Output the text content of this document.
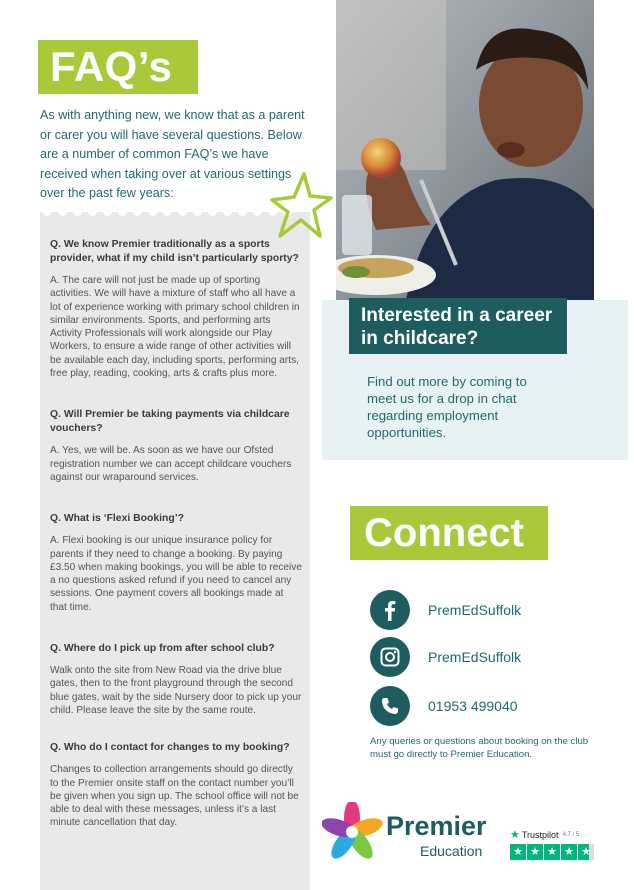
FAQ’s

As with anything new, we know that as a parent or carer you will have several questions. Below are a number of common FAQ’s we have received when taking over at various settings over the past few years:

Q. We know Premier traditionally as a sports provider, what if my child isn’t particularly sporty?

A. The care will not just be made up of sporting activities. We will have a mixture of staff who all have a lot of experience working with primary school children in similar environments. Sports, and performing arts Activity Professionals will work alongside our Play Workers, to ensure a wide range of other activities will be available each day, including sports, performing arts, free play, reading, cooking, arts & crafts plus more.

Q. Will Premier be taking payments via childcare vouchers?

A. Yes, we will be. As soon as we have our Ofsted registration number we can accept childcare vouchers against our wraparound services.

Q. What is ‘Flexi Booking’?

A. Flexi booking is our unique insurance policy for parents if they need to change a booking. By paying £3.50 when making bookings, you will be able to receive a no questions asked refund if you need to cancel any sessions. One payment covers all bookings made at that time.

Q. Where do I pick up from after school club?

Walk onto the site from New Road via the drive blue gates, then to the front playground through the second blue gates, wait by the side Nursery door to pick up your child. Please leave the site by the same route.

Q. Who do I contact for changes to my booking?

Changes to collection arrangements should go directly to the Premier onsite staff on the contact number you’ll be given when you sign up. The school office will not be able to deal with these messages, unless it’s a last minute cancellation that day.

Interested in a career in childcare?

Find out more by coming to meet us for a drop in chat regarding employment opportunities.

Connect
PremEdSuffolk
PremEdSuffolk
01953 499040

Any queries or questions about booking on the club must go directly to Premier Education.

Premier
Education
★ Trustpilot 4.7 / 5
★ ★ ★ ★ ★
